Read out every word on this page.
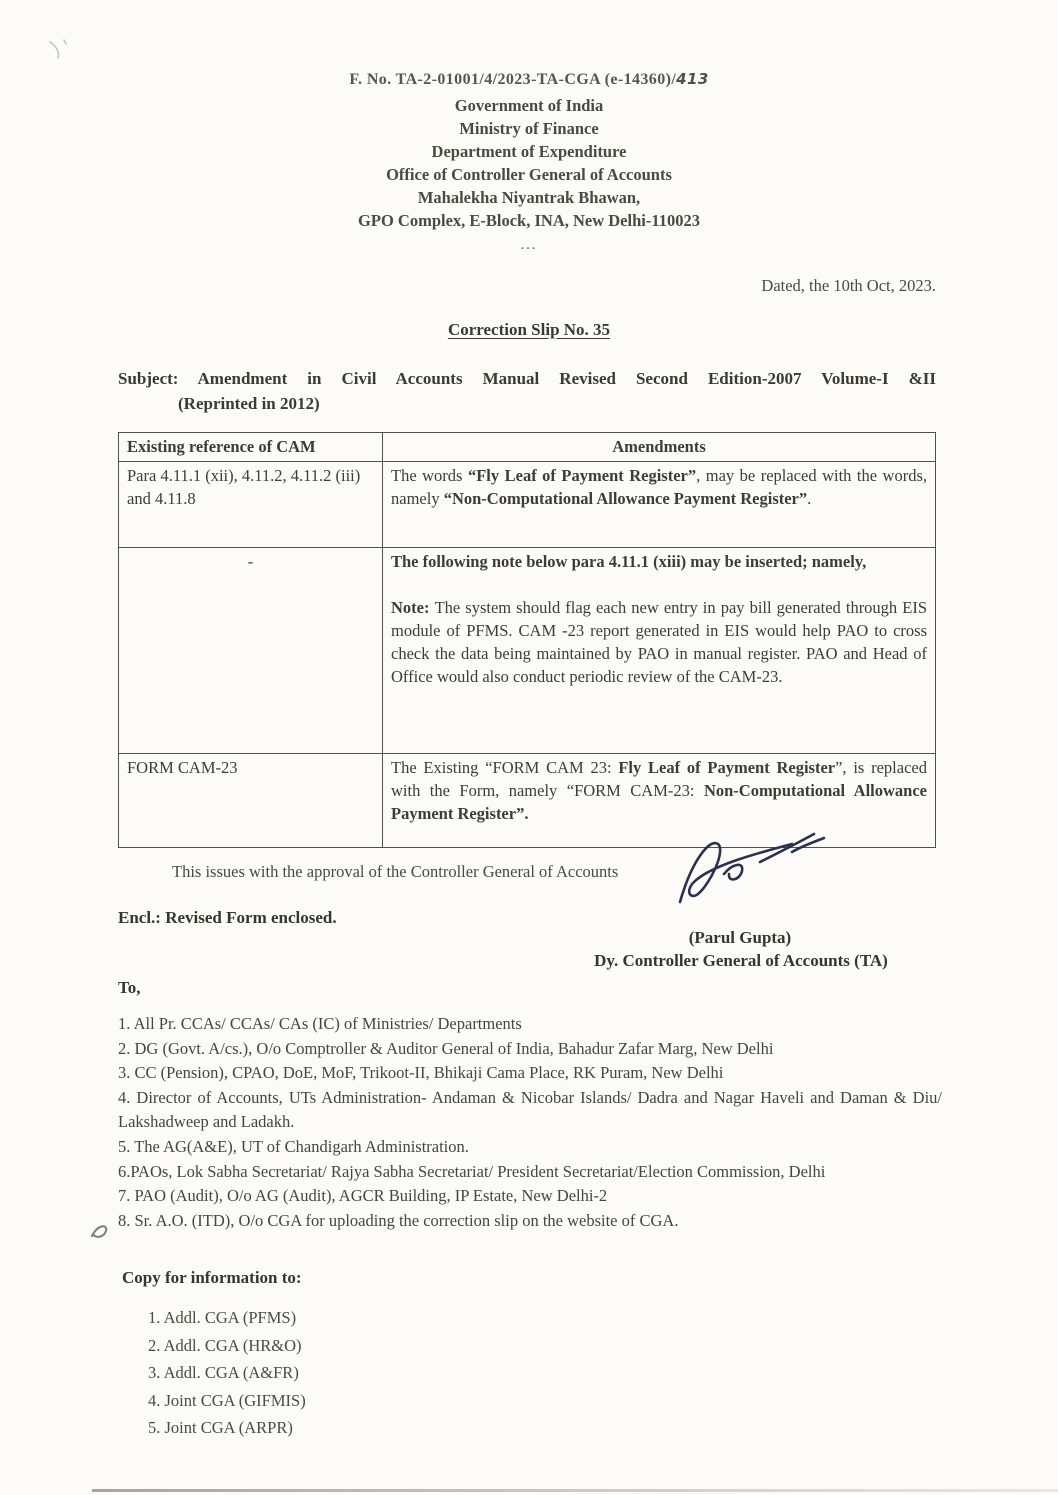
F. No. TA-2-01001/4/2023-TA-CGA (e-14360)/413
Government of India
Ministry of Finance
Department of Expenditure
Office of Controller General of Accounts
Mahalekha Niyantrak Bhawan,
GPO Complex, E-Block, INA, New Delhi-110023
...
Dated, the 10th Oct, 2023.
Correction Slip No. 35
Subject: Amendment in Civil Accounts Manual Revised Second Edition-2007 Volume-I &II
(Reprinted in 2012)
Existing reference of CAM	Amendments
Para 4.11.1 (xii), 4.11.2, 4.11.2 (iii) and 4.11.8	The words “Fly Leaf of Payment Register”, may be replaced with the words, namely “Non-Computational Allowance Payment Register”.
-	The following note below para 4.11.1 (xiii) may be inserted; namely,

Note: The system should flag each new entry in pay bill generated through EIS module of PFMS. CAM -23 report generated in EIS would help PAO to cross check the data being maintained by PAO in manual register. PAO and Head of Office would also conduct periodic review of the CAM-23.

FORM CAM-23	The Existing “FORM CAM 23: Fly Leaf of Payment Register”, is replaced with the Form, namely “FORM CAM-23: Non-Computational Allowance Payment Register”.
This issues with the approval of the Controller General of Accounts
Encl.: Revised Form enclosed.
(Parul Gupta)
Dy. Controller General of Accounts (TA)
To,
1. All Pr. CCAs/ CCAs/ CAs (IC) of Ministries/ Departments
2. DG (Govt. A/cs.), O/o Comptroller & Auditor General of India, Bahadur Zafar Marg, New Delhi
3. CC (Pension), CPAO, DoE, MoF, Trikoot-II, Bhikaji Cama Place, RK Puram, New Delhi
4. Director of Accounts, UTs Administration- Andaman & Nicobar Islands/ Dadra and Nagar Haveli and Daman & Diu/ Lakshadweep and Ladakh.
5. The AG(A&E), UT of Chandigarh Administration.
6.PAOs, Lok Sabha Secretariat/ Rajya Sabha Secretariat/ President Secretariat/Election Commission, Delhi
7. PAO (Audit), O/o AG (Audit), AGCR Building, IP Estate, New Delhi-2
8. Sr. A.O. (ITD), O/o CGA for uploading the correction slip on the website of CGA.
Copy for information to:
1. Addl. CGA (PFMS)
2. Addl. CGA (HR&O)
3. Addl. CGA (A&FR)
4. Joint CGA (GIFMIS)
5. Joint CGA (ARPR)
